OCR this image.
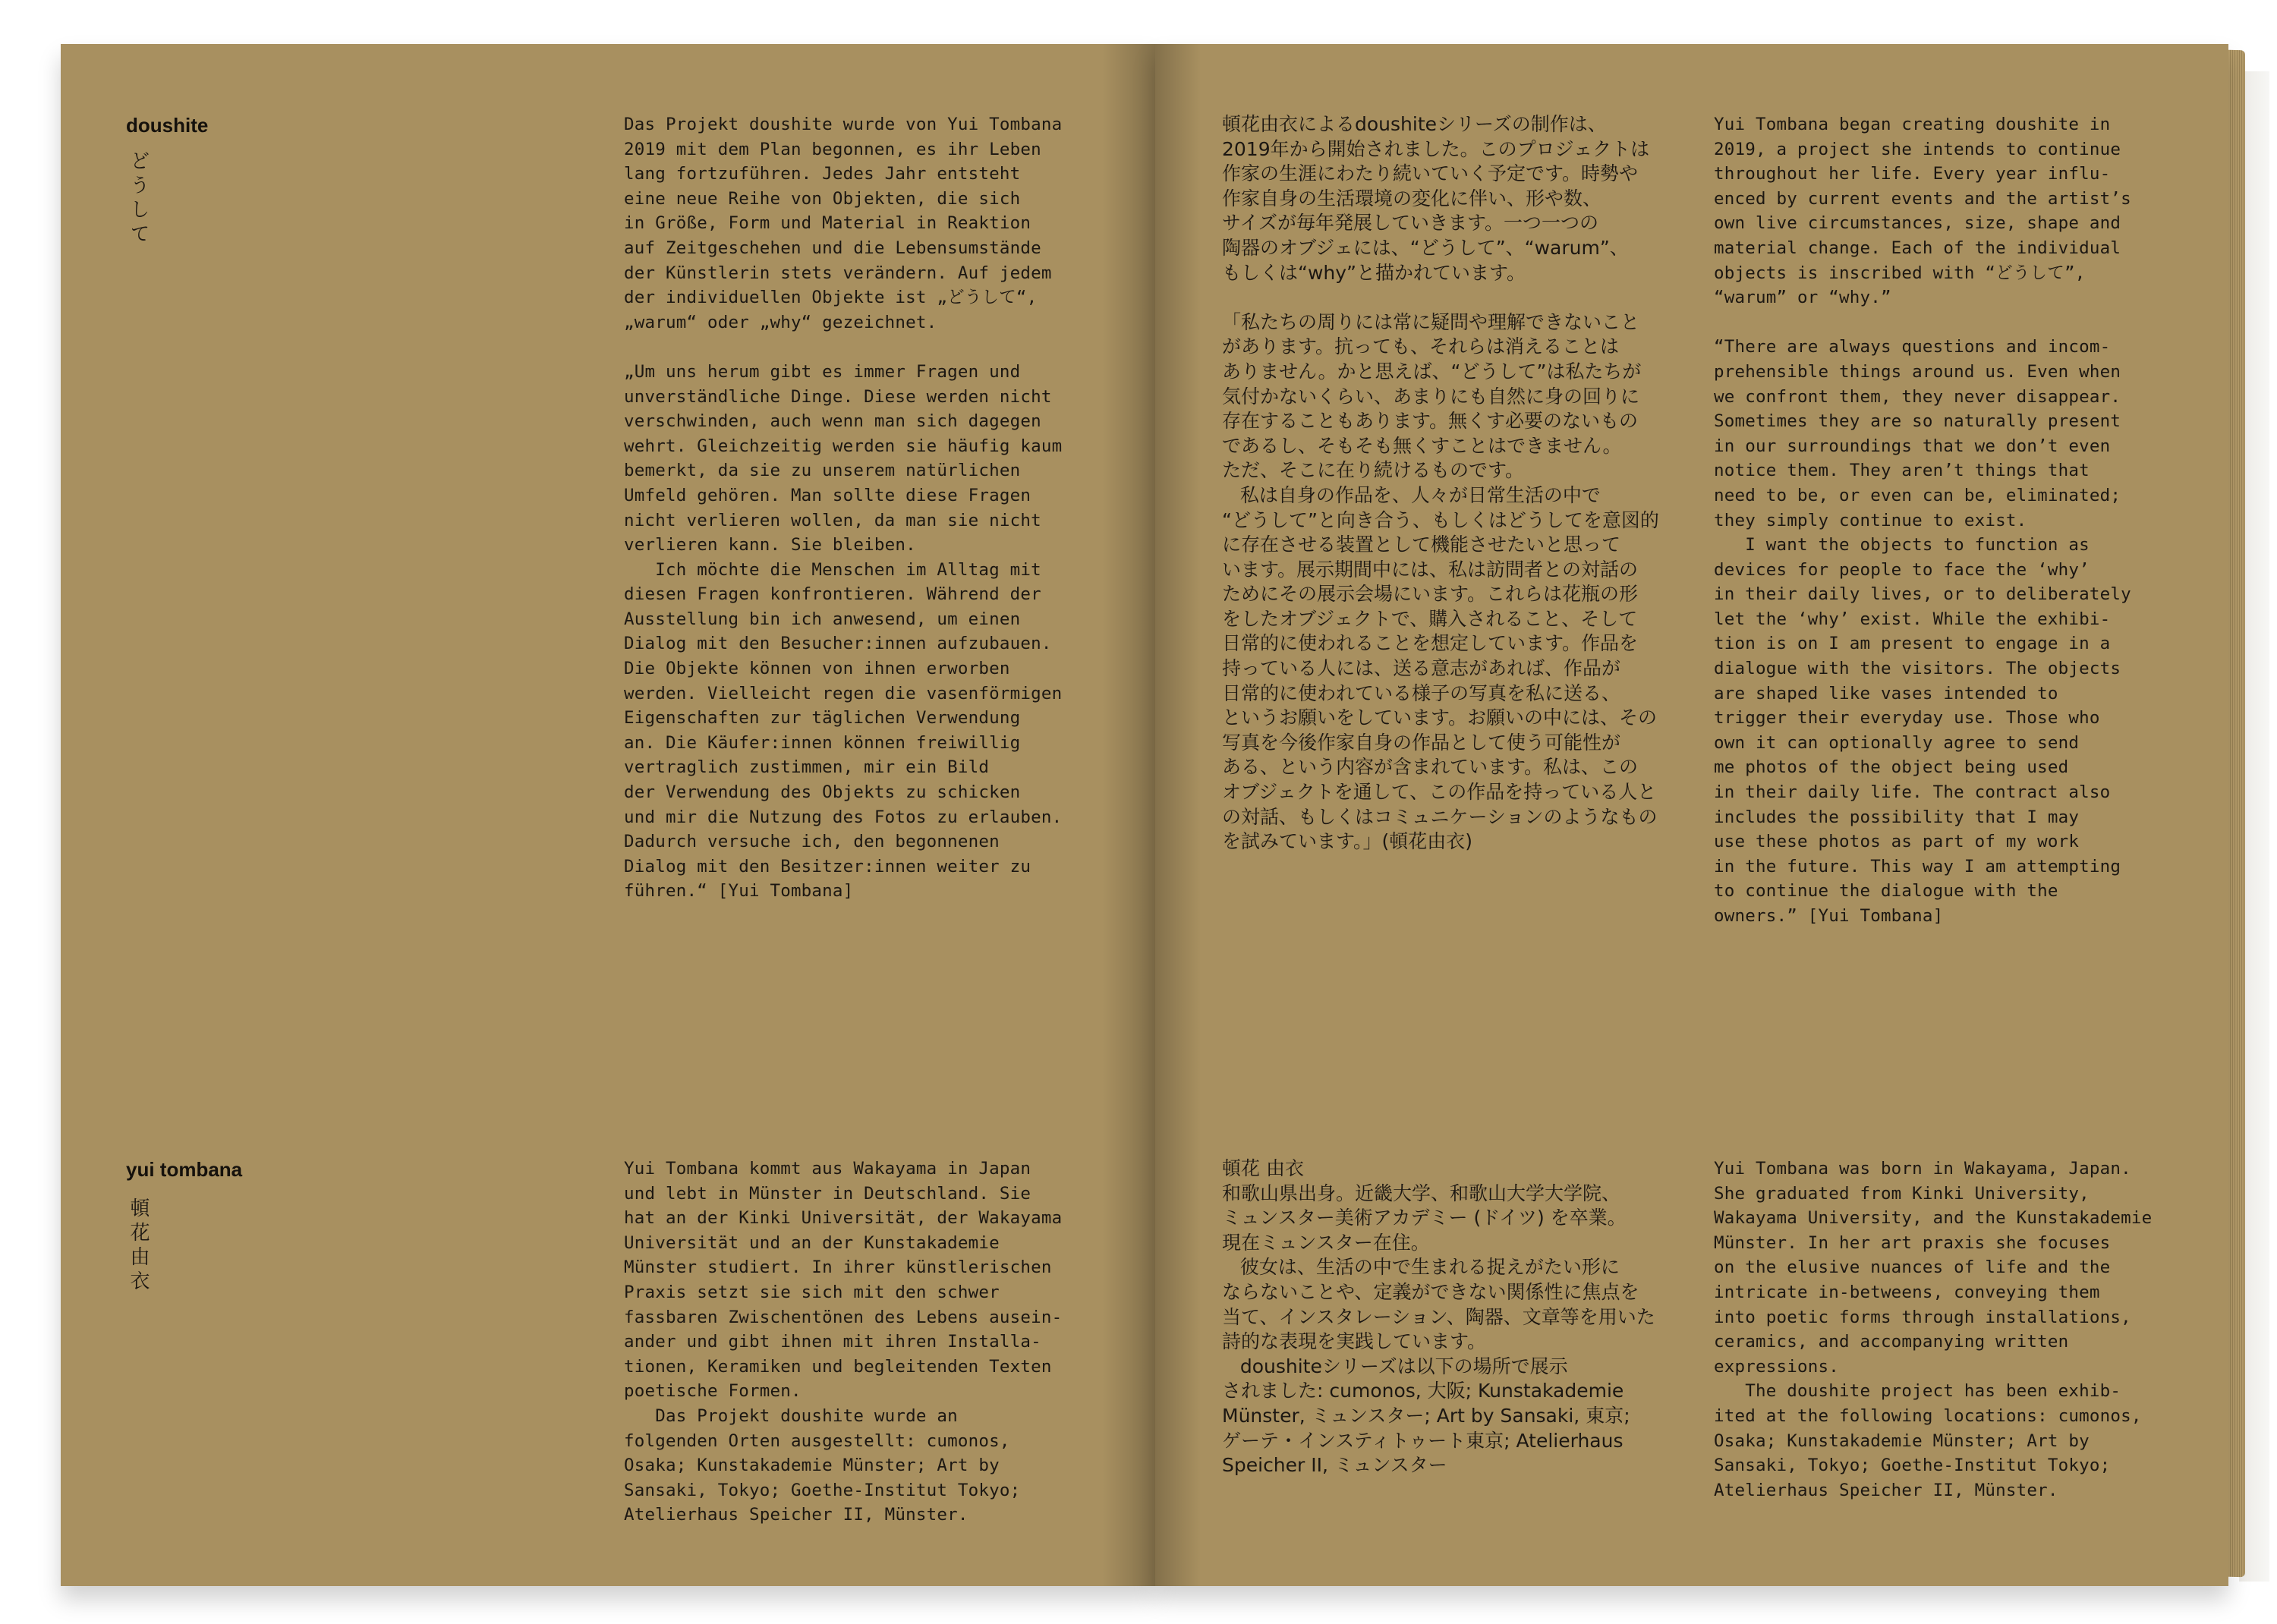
doushite
どうして
Das Projekt doushite wurde von Yui Tombana
2019 mit dem Plan begonnen, es ihr Leben
lang fortzuführen. Jedes Jahr entsteht
eine neue Reihe von Objekten, die sich
in Größe, Form und Material in Reaktion
auf Zeitgeschehen und die Lebensumstände
der Künstlerin stets verändern. Auf jedem
der individuellen Objekte ist „どうして“,
„warum“ oder „why“ gezeichnet.

„Um uns herum gibt es immer Fragen und
unverständliche Dinge. Diese werden nicht
verschwinden, auch wenn man sich dagegen
wehrt. Gleichzeitig werden sie häufig kaum
bemerkt, da sie zu unserem natürlichen
Umfeld gehören. Man sollte diese Fragen
nicht verlieren wollen, da man sie nicht
verlieren kann. Sie bleiben.
Ich möchte die Menschen im Alltag mit
diesen Fragen konfrontieren. Während der
Ausstellung bin ich anwesend, um einen
Dialog mit den Besucher:innen aufzubauen.
Die Objekte können von ihnen erworben
werden. Vielleicht regen die vasenförmigen
Eigenschaften zur täglichen Verwendung
an. Die Käufer:innen können freiwillig
vertraglich zustimmen, mir ein Bild
der Verwendung des Objekts zu schicken
und mir die Nutzung des Fotos zu erlauben.
Dadurch versuche ich, den begonnenen
Dialog mit den Besitzer:innen weiter zu
führen.“ [Yui Tombana]
yui tombana
頓花由衣
Yui Tombana kommt aus Wakayama in Japan
und lebt in Münster in Deutschland. Sie
hat an der Kinki Universität, der Wakayama
Universität und an der Kunstakademie
Münster studiert. In ihrer künstlerischen
Praxis setzt sie sich mit den schwer
fassbaren Zwischentönen des Lebens ausein-
ander und gibt ihnen mit ihren Installa-
tionen, Keramiken und begleitenden Texten
poetische Formen.
Das Projekt doushite wurde an
folgenden Orten ausgestellt: cumonos,
Osaka; Kunstakademie Münster; Art by
Sansaki, Tokyo; Goethe-Institut Tokyo;
Atelierhaus Speicher II, Münster.
頓花由衣によるdoushiteシリーズの制作は、
2019年から開始されました。このプロジェクトは
作家の生涯にわたり続いていく予定です。時勢や
作家自身の生活環境の変化に伴い、形や数、
サイズが毎年発展していきます。一つ一つの
陶器のオブジェには、“どうして”、“warum”、
もしくは“why”と描かれています。

「私たちの周りには常に疑問や理解できないこと
があります。抗っても、それらは消えることは
ありません。かと思えば、“どうして”は私たちが
気付かないくらい、あまりにも自然に身の回りに
存在することもあります。無くす必要のないもの
であるし、そもそも無くすことはできません。
ただ、そこに在り続けるものです。
私は自身の作品を、人々が日常生活の中で
“どうして”と向き合う、もしくはどうしてを意図的
に存在させる装置として機能させたいと思って
います。展示期間中には、私は訪問者との対話の
ためにその展示会場にいます。これらは花瓶の形
をしたオブジェクトで、購入されること、そして
日常的に使われることを想定しています。作品を
持っている人には、送る意志があれば、作品が
日常的に使われている様子の写真を私に送る、
というお願いをしています。お願いの中には、その
写真を今後作家自身の作品として使う可能性が
ある、という内容が含まれています。私は、この
オブジェクトを通して、この作品を持っている人と
の対話、もしくはコミュニケーションのようなもの
を試みています。」(頓花由衣)
Yui Tombana began creating doushite in
2019, a project she intends to continue
throughout her life. Every year influ-
enced by current events and the artist’s
own live circumstances, size, shape and
material change. Each of the individual
objects is inscribed with “どうして”,
“warum” or “why.”

“There are always questions and incom-
prehensible things around us. Even when
we confront them, they never disappear.
Sometimes they are so naturally present
in our surroundings that we don’t even
notice them. They aren’t things that
need to be, or even can be, eliminated;
they simply continue to exist.
I want the objects to function as
devices for people to face the ‘why’
in their daily lives, or to deliberately
let the ‘why’ exist. While the exhibi-
tion is on I am present to engage in a
dialogue with the visitors. The objects
are shaped like vases intended to
trigger their everyday use. Those who
own it can optionally agree to send
me photos of the object being used
in their daily life. The contract also
includes the possibility that I may
use these photos as part of my work
in the future. This way I am attempting
to continue the dialogue with the
owners.” [Yui Tombana]
頓花 由衣
和歌山県出身。近畿大学、和歌山大学大学院、
ミュンスター美術アカデミー (ドイツ) を卒業。
現在ミュンスター在住。
彼女は、生活の中で生まれる捉えがたい形に
ならないことや、定義ができない関係性に焦点を
当て、インスタレーション、陶器、文章等を用いた
詩的な表現を実践しています。
doushiteシリーズは以下の場所で展示
されました: cumonos, 大阪; Kunstakademie
Münster, ミュンスター; Art by Sansaki, 東京;
ゲーテ・インスティトゥート東京; Atelierhaus
Speicher II, ミュンスター
Yui Tombana was born in Wakayama, Japan.
She graduated from Kinki University,
Wakayama University, and the Kunstakademie
Münster. In her art praxis she focuses
on the elusive nuances of life and the
intricate in-betweens, conveying them
into poetic forms through installations,
ceramics, and accompanying written
expressions.
The doushite project has been exhib-
ited at the following locations: cumonos,
Osaka; Kunstakademie Münster; Art by
Sansaki, Tokyo; Goethe-Institut Tokyo;
Atelierhaus Speicher II, Münster.
